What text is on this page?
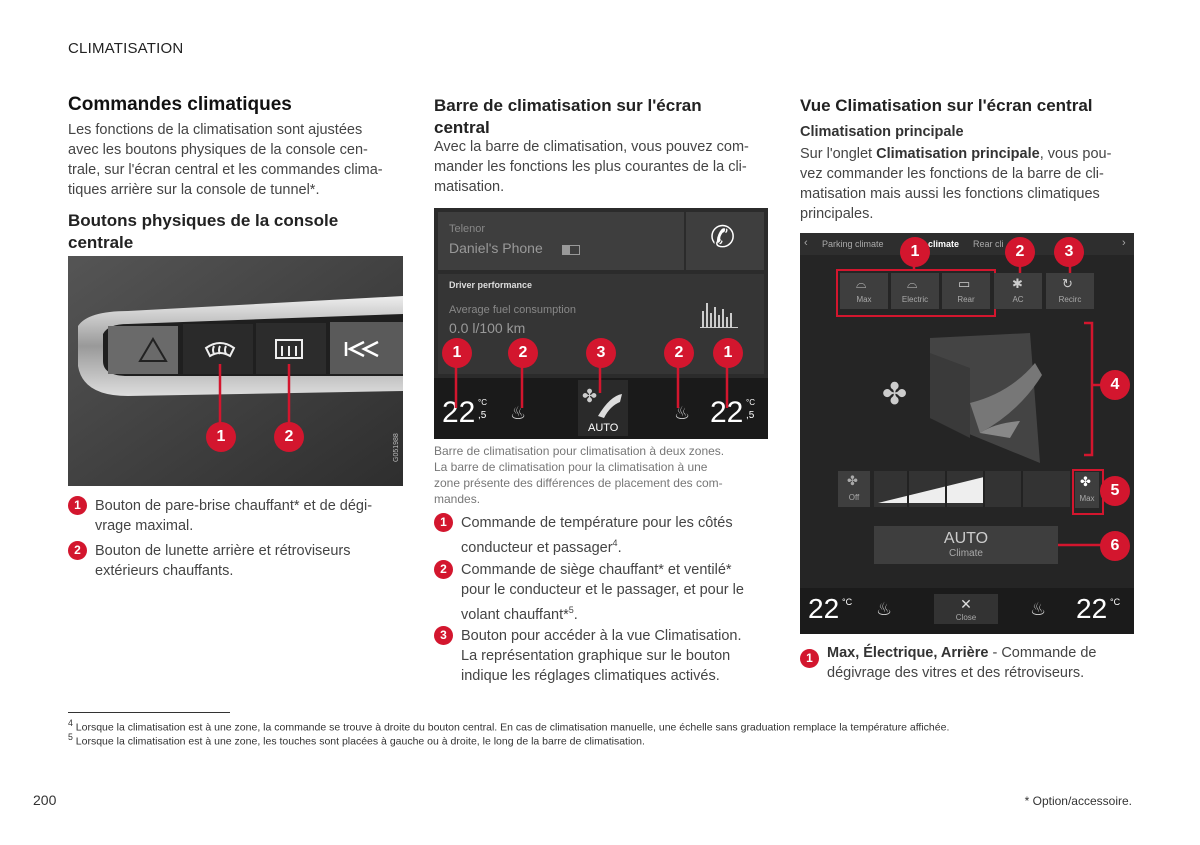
CLIMATISATION
Commandes climatiques
Les fonctions de la climatisation sont ajustées
avec les boutons physiques de la console cen-
trale, sur l'écran central et les commandes clima-
tiques arrière sur la console de tunnel*.
Boutons physiques de la console
centrale
G051988
1	2
1 Bouton de pare-brise chauffant* et de dégi-
vrage maximal.
2 Bouton de lunette arrière et rétroviseurs
extérieurs chauffants.
Barre de climatisation sur l'écran
central
Avec la barre de climatisation, vous pouvez com-
mander les fonctions les plus courantes de la cli-
matisation.
Telenor
Daniel's Phone	✆
Driver performance
Average fuel consumption
0.0 l/100 km
22 °C
,5 ♨
✤
AUTO
♨ 22 °C
,5
1	2	3	2	1
Barre de climatisation pour climatisation à deux zones.
La barre de climatisation pour la climatisation à une
zone présente des différences de placement des com-
mandes.
1 Commande de température pour les côtés
conducteur et passager$^4$.
2 Commande de siège chauffant* et ventilé*
pour le conducteur et le passager, et pour le
volant chauffant*$^5$.
3 Bouton pour accéder à la vue Climatisation.
La représentation graphique sur le bouton
indique les réglages climatiques activés.
Vue Climatisation sur l'écran central
Climatisation principale
Sur l'onglet Climatisation principale, vous pou-
vez commander les fonctions de la barre de cli-
matisation mais aussi les fonctions climatiques
principales.
‹ Parking climate	climate Rear cli	›
⌓
Max
⌓
Electric
▭
Rear
✱
AC
↻
Recirc
✤
✤
Off
✤
Max
AUTO
Climate
22 °C ♨	✕
Close	♨ 22 °C
1	2	3
4
5
6
1 Max, Électrique, Arrière - Commande de
dégivrage des vitres et des rétroviseurs.
$^4$ Lorsque la climatisation est à une zone, la commande se trouve à droite du bouton central. En cas de climatisation manuelle, une échelle sans graduation remplace la température affichée.
$^5$ Lorsque la climatisation est à une zone, les touches sont placées à gauche ou à droite, le long de la barre de climatisation.
200	* Option/accessoire.
